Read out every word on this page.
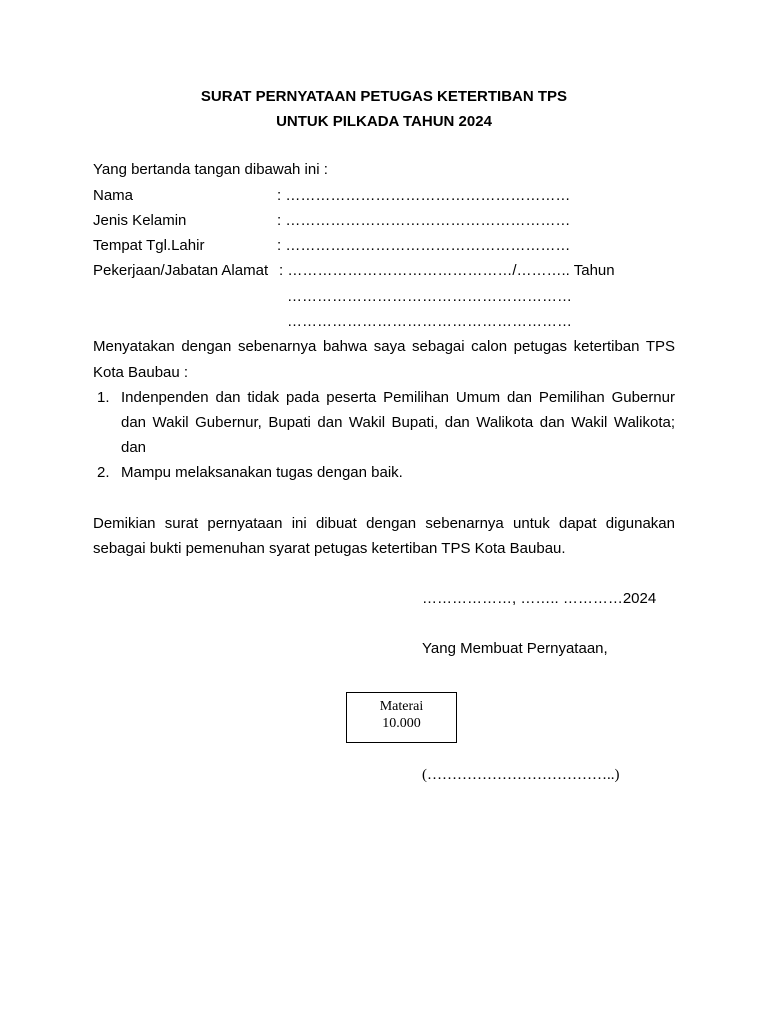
SURAT PERNYATAAN PETUGAS KETERTIBAN TPS
UNTUK PILKADA TAHUN 2024
Yang bertanda tangan dibawah ini :
Nama	: …………………………………………………
Jenis Kelamin	: …………………………………………………
Tempat Tgl.Lahir	: …………………………………………………
Pekerjaan/Jabatan Alamat : ………………………………………/……….. Tahun
…………………………………………………
…………………………………………………
Menyatakan dengan sebenarnya bahwa saya sebagai calon petugas ketertiban TPS
Kota Baubau :
1. Indenpenden dan tidak pada peserta Pemilihan Umum dan Pemilihan Gubernur
dan Wakil Gubernur, Bupati dan Wakil Bupati, dan Walikota dan Wakil Walikota;
dan
2. Mampu melaksanakan tugas dengan baik.
Demikian surat pernyataan ini dibuat dengan sebenarnya untuk dapat digunakan
sebagai bukti pemenuhan syarat petugas ketertiban TPS Kota Baubau.
………………, …….. …………2024
Yang Membuat Pernyataan,
Materai
10.000
(………………………………..)
